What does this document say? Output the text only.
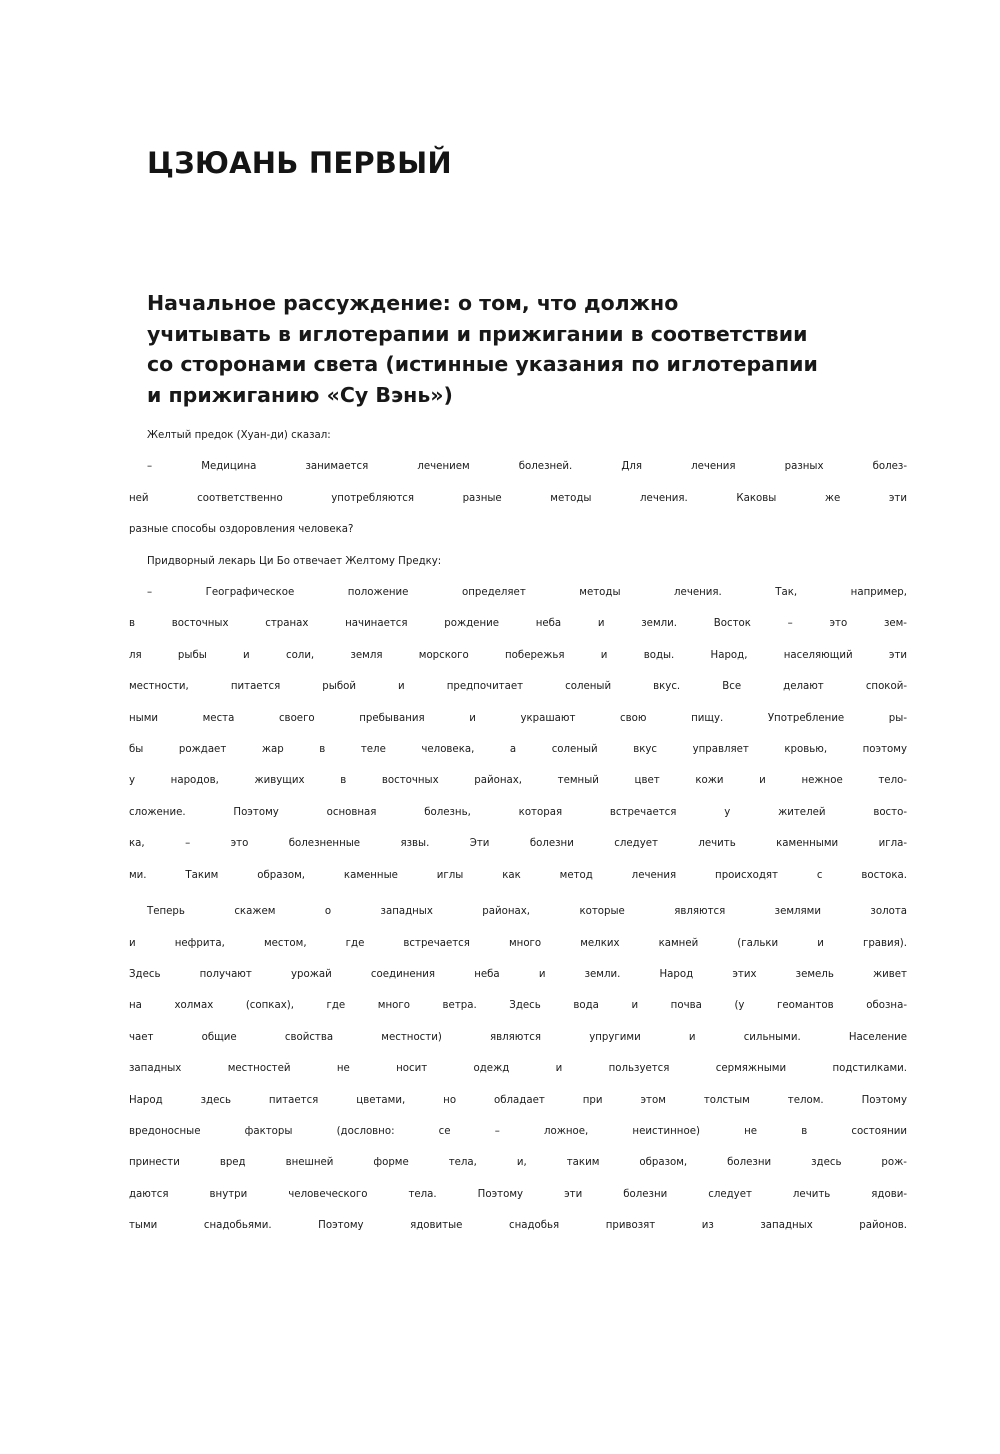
ЦЗЮАНЬ ПЕРВЫЙ
Начальное рассуждение: о том, что должно
учитывать в иглотерапии и прижигании в соответствии
со сторонами света (истинные указания по иглотерапии
и прижиганию «Су Вэнь»)
Желтый предок (Хуан-ди) сказал:
– Медицина занимается лечением болезней. Для лечения разных болез-
ней соответственно употребляются разные методы лечения. Каковы же эти
разные способы оздоровления человека?
Придворный лекарь Ци Бо отвечает Желтому Предку:
– Географическое положение определяет методы лечения. Так, например,
в восточных странах начинается рождение неба и земли. Восток – это зем-
ля рыбы и соли, земля морского побережья и воды. Народ, населяющий эти
местности, питается рыбой и предпочитает соленый вкус. Все делают спокой-
ными места своего пребывания и украшают свою пищу. Употребление ры-
бы рождает жар в теле человека, а соленый вкус управляет кровью, поэтому
у народов, живущих в восточных районах, темный цвет кожи и нежное тело-
сложение. Поэтому основная болезнь, которая встречается у жителей восто-
ка, – это болезненные язвы. Эти болезни следует лечить каменными игла-
ми. Таким образом, каменные иглы как метод лечения происходят с востока.
Теперь скажем о западных районах, которые являются землями золота
и нефрита, местом, где встречается много мелких камней (гальки и гравия).
Здесь получают урожай соединения неба и земли. Народ этих земель живет
на холмах (сопках), где много ветра. Здесь вода и почва (у геомантов обозна-
чает общие свойства местности) являются упругими и сильными. Население
западных местностей не носит одежд и пользуется сермяжными подстилками.
Народ здесь питается цветами, но обладает при этом толстым телом. Поэтому
вредоносные факторы (дословно: се – ложное, неистинное) не в состоянии
принести вред внешней форме тела, и, таким образом, болезни здесь рож-
даются внутри человеческого тела. Поэтому эти болезни следует лечить ядови-
тыми снадобьями. Поэтому ядовитые снадобья привозят из западных районов.
